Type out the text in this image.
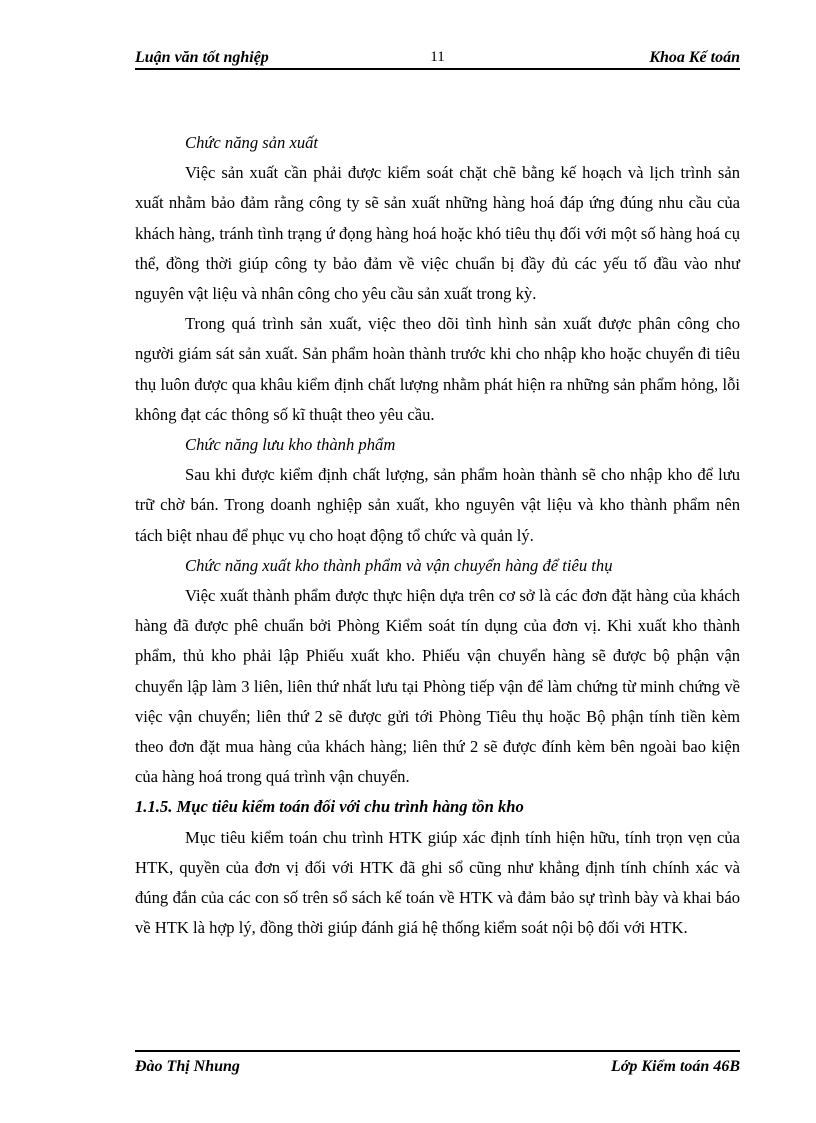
Luận văn tốt nghiệp	11	Khoa Kế toán

Chức năng sản xuất

Việc sản xuất cần phải được kiểm soát chặt chẽ bằng kế hoạch và lịch trình sản xuất nhằm bảo đảm rằng công ty sẽ sản xuất những hàng hoá đáp ứng đúng nhu cầu của khách hàng, tránh tình trạng ứ đọng hàng hoá hoặc khó tiêu thụ đối với một số hàng hoá cụ thể, đồng thời giúp công ty bảo đảm về việc chuẩn bị đầy đủ các yếu tố đầu vào như nguyên vật liệu và nhân công cho yêu cầu sản xuất trong kỳ.

Trong quá trình sản xuất, việc theo dõi tình hình sản xuất được phân công cho người giám sát sản xuất. Sản phẩm hoàn thành trước khi cho nhập kho hoặc chuyển đi tiêu thụ luôn được qua khâu kiểm định chất lượng nhằm phát hiện ra những sản phẩm hỏng, lỗi không đạt các thông số kĩ thuật theo yêu cầu.

Chức năng lưu kho thành phẩm

Sau khi được kiểm định chất lượng, sản phẩm hoàn thành sẽ cho nhập kho để lưu trữ chờ bán. Trong doanh nghiệp sản xuất, kho nguyên vật liệu và kho thành phẩm nên tách biệt nhau để phục vụ cho hoạt động tổ chức và quản lý.

Chức năng xuất kho thành phẩm và vận chuyển hàng để tiêu thụ

Việc xuất thành phẩm được thực hiện dựa trên cơ sở là các đơn đặt hàng của khách hàng đã được phê chuẩn bởi Phòng Kiểm soát tín dụng của đơn vị. Khi xuất kho thành phẩm, thủ kho phải lập Phiếu xuất kho. Phiếu vận chuyển hàng sẽ được bộ phận vận chuyển lập làm 3 liên, liên thứ nhất lưu tại Phòng tiếp vận để làm chứng từ minh chứng về việc vận chuyển; liên thứ 2 sẽ được gửi tới Phòng Tiêu thụ hoặc Bộ phận tính tiền kèm theo đơn đặt mua hàng của khách hàng; liên thứ 2 sẽ được đính kèm bên ngoài bao kiện của hàng hoá trong quá trình vận chuyển.

1.1.5. Mục tiêu kiểm toán đối với chu trình hàng tồn kho

Mục tiêu kiểm toán chu trình HTK giúp xác định tính hiện hữu, tính trọn vẹn của HTK, quyền của đơn vị đối với HTK đã ghi sổ cũng như khẳng định tính chính xác và đúng đắn của các con số trên sổ sách kế toán về HTK và đảm bảo sự trình bày và khai báo về HTK là hợp lý, đồng thời giúp đánh giá hệ thống kiểm soát nội bộ đối với HTK.

Đào Thị Nhung	Lớp Kiểm toán 46B
